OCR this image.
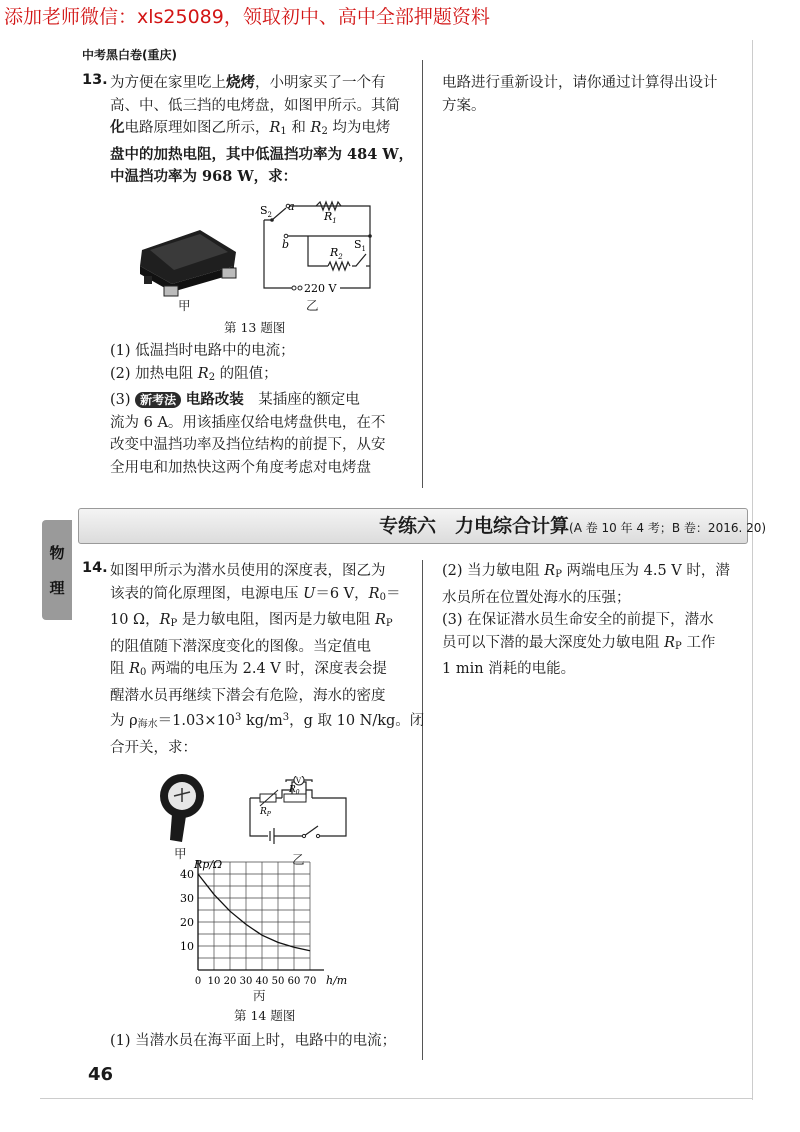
添加老师微信：xls25089，领取初中、高中全部押题资料
中考黑白卷(重庆)
13. 为方便在家里吃上烧烤，小明家买了一个有

高、中、低三挡的电烤盘，如图甲所示。其简

化电路原理如图乙所示，$R_1$ 和 $R_2$ 均为电烤

盘中的加热电阻，其中低温挡功率为 484 W，

中温挡功率为 968 W，求：

甲
$S_2$
a
b
$R_1$
$R_2$
$S_1$
220 V
乙
第 13 题图

(1) 低温挡时电路中的电流；

(2) 加热电阻 $R_2$ 的阻值；

(3) 新考法 电路改装　 某插座的额定电

流为 6 A。用该插座仅给电烤盘供电，在不

改变中温挡功率及挡位结构的前提下，从安

全用电和加热快这两个角度考虑对电烤盘

电路进行重新设计，请你通过计算得出设计

方案。

专练六　力电综合计算(A 卷 10 年 4 考；B 卷：2016. 20)
物
理
14. 如图甲所示为潜水员使用的深度表，图乙为

该表的简化原理图，电源电压 U＝6 V，$R_0=$

10 Ω，$R_P$ 是力敏电阻，图丙是力敏电阻 $R_P$

的阻值随下潜深度变化的图像。当定值电

阻 $R_0$ 两端的电压为 2.4 V 时，深度表会提

醒潜水员再继续下潜会有危险，海水的密度

为 $\rho_{海水}=1.03\times 10^3$ $kg/m^3$，g 取 10 N/kg。闭

合开关，求：

甲
V
$R_0$
$R_P$
乙
10
20
30
40
0 10 20 30 40 50 60 70
Rp/Ω
h/m
丙
第 14 题图

(1) 当潜水员在海平面上时，电路中的电流；

(2) 当力敏电阻 $R_P$ 两端电压为 4.5 V 时，潜

水员所在位置处海水的压强；

(3) 在保证潜水员生命安全的前提下，潜水

员可以下潜的最大深度处力敏电阻 $R_P$ 工作

1 min 消耗的电能。

46
